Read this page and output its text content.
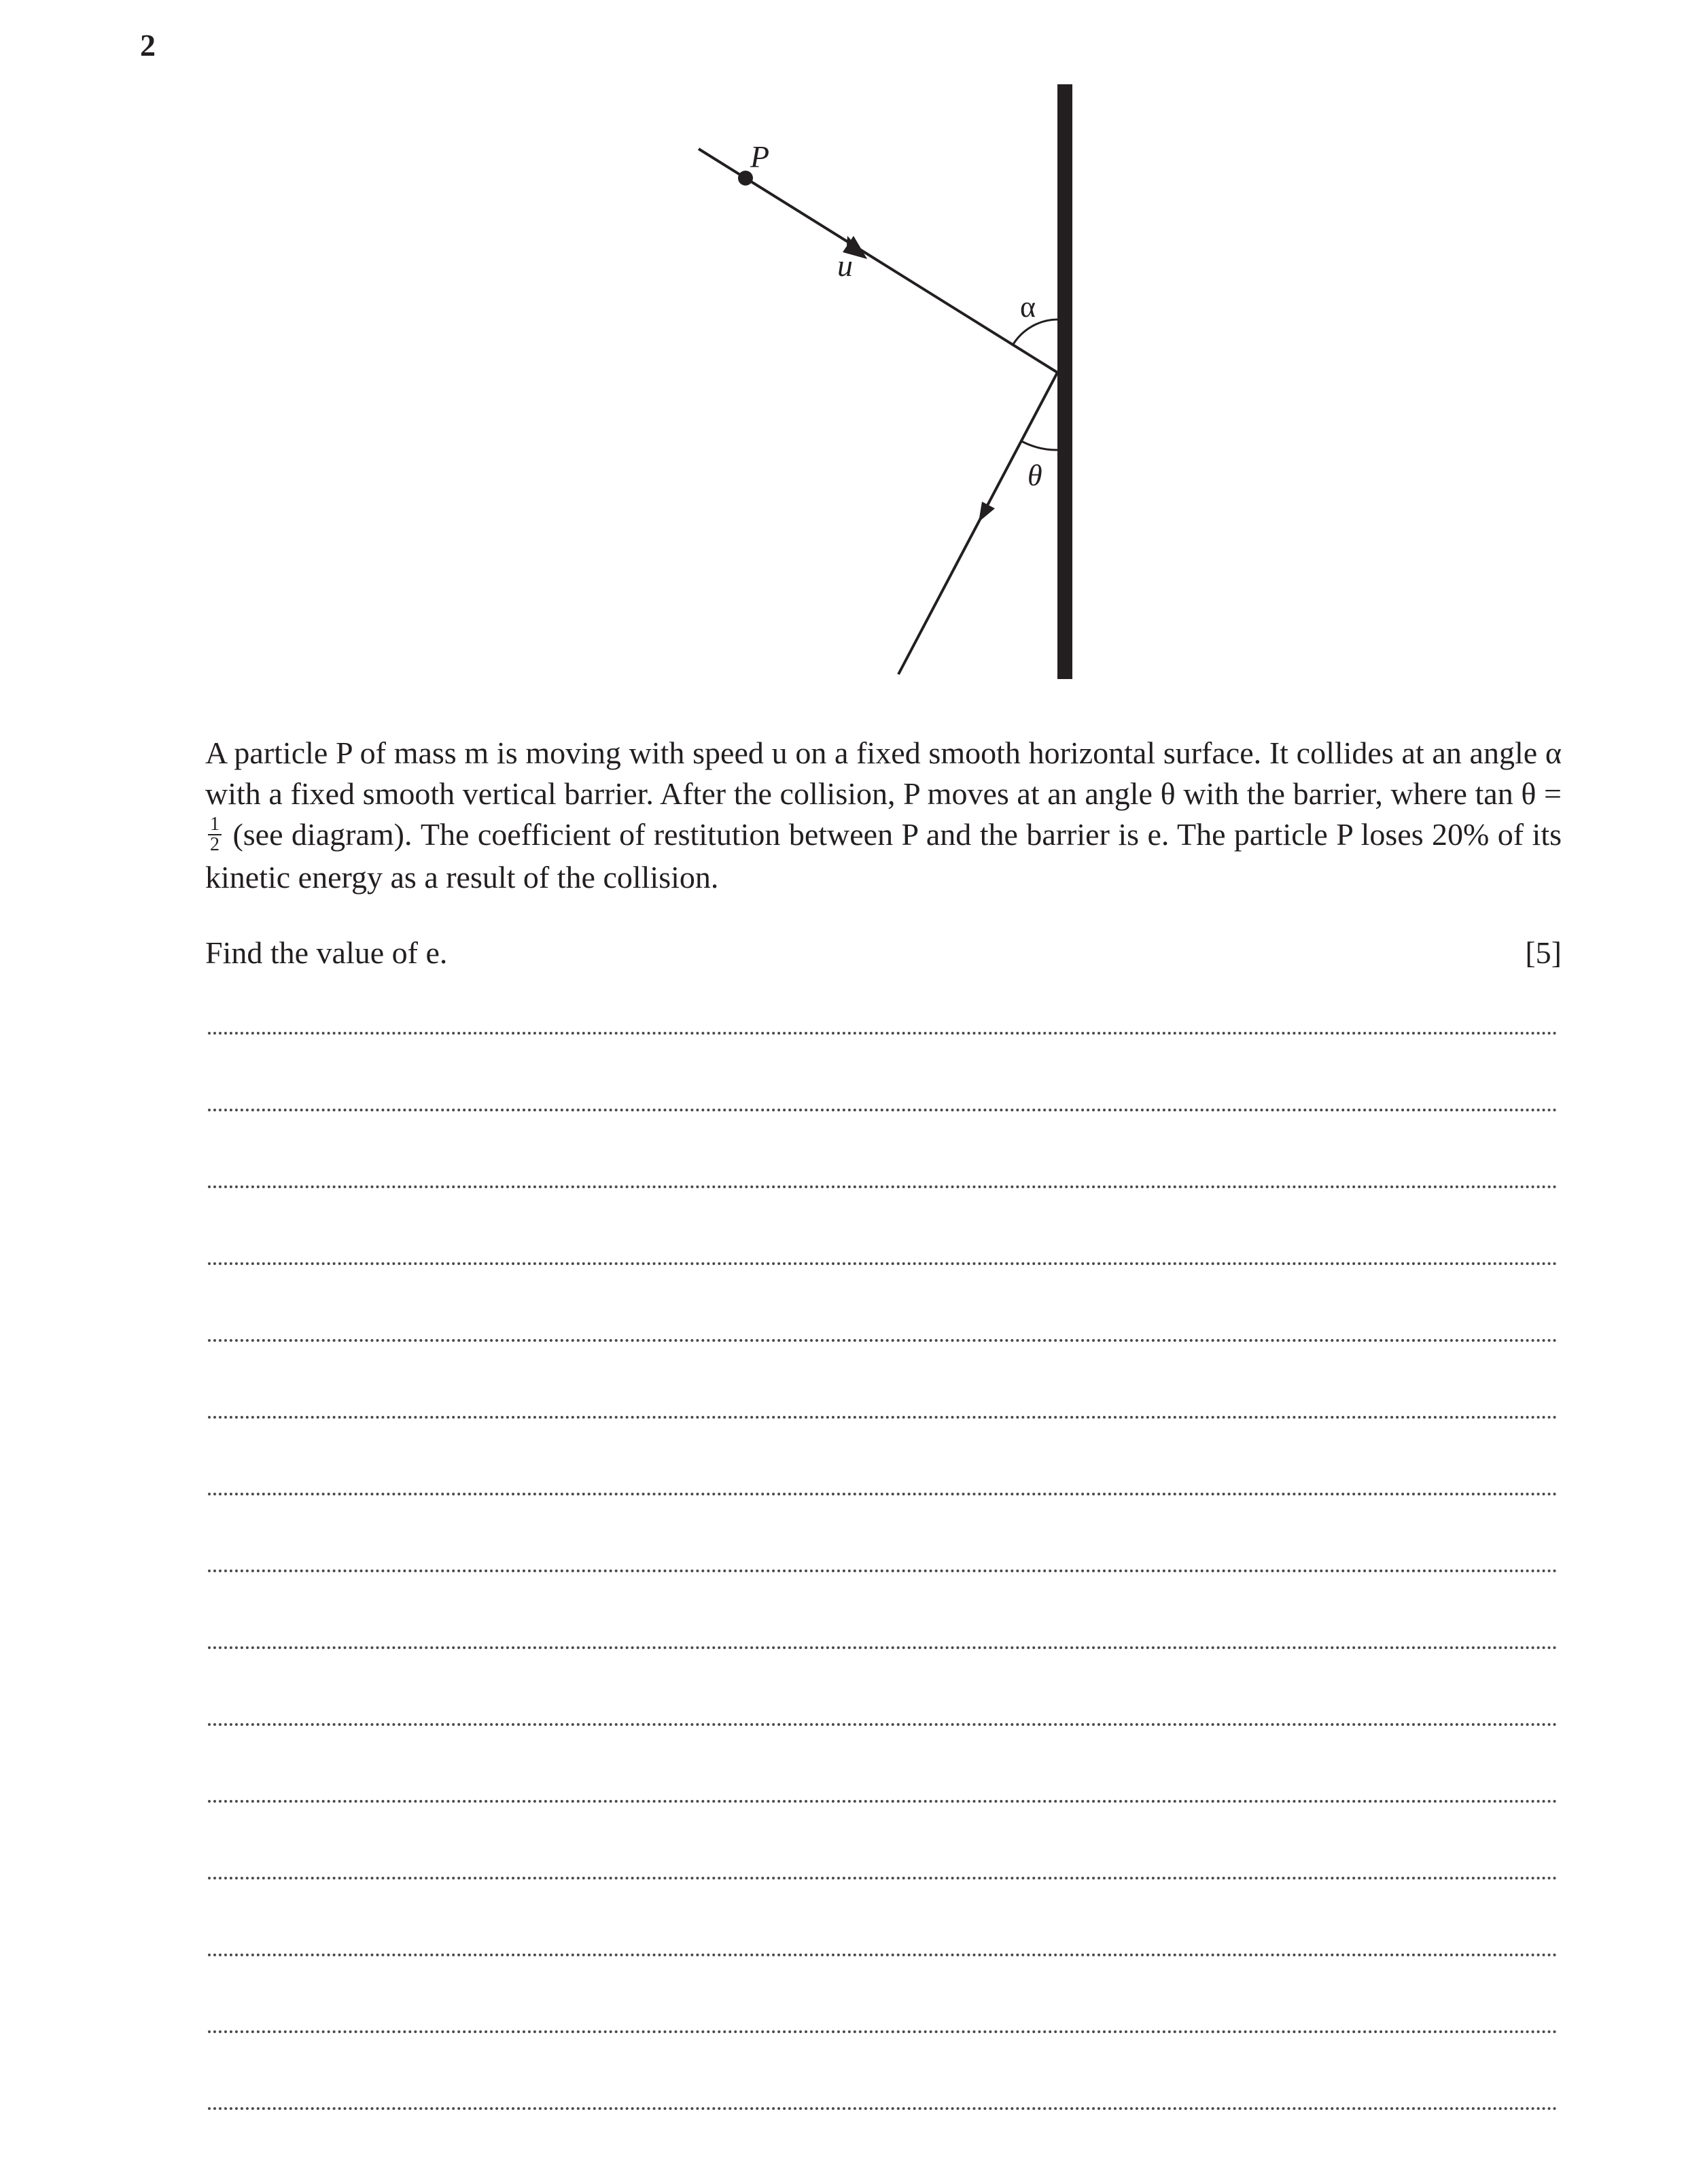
2
P
u
α
θ

A particle P of mass m is moving with speed u on a fixed smooth horizontal surface. It collides at an angle α with a fixed smooth vertical barrier. After the collision, P moves at an angle θ with the barrier, where tan θ =
$\frac{1}{2} (see$ diagram). The coefficient of restitution between P and the barrier is e. The particle P loses 20% of its kinetic energy as a result of the collision.

Find the value of e.	[5]
